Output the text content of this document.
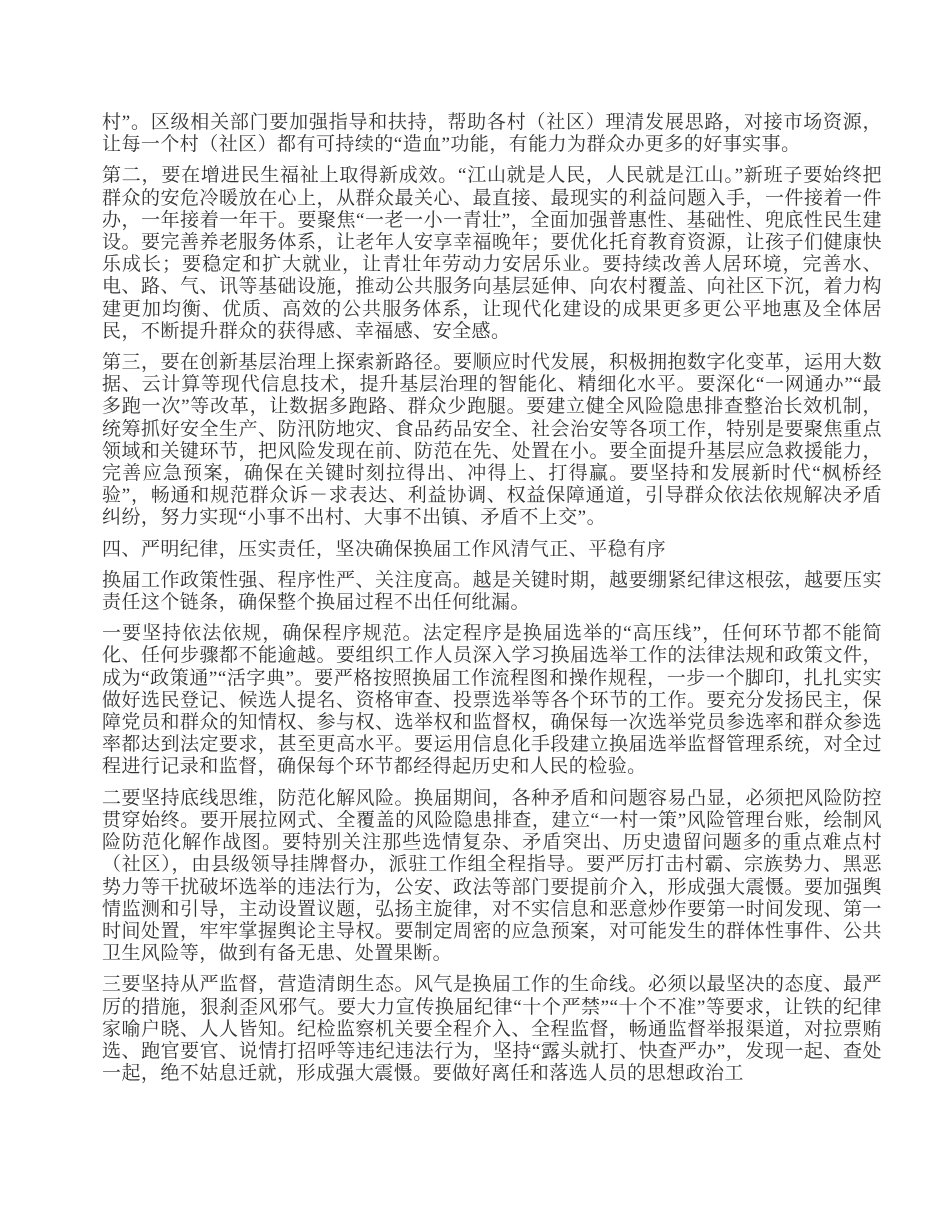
村”。区级相关部门要加强指导和扶持，帮助各村（社区）理清发展思路，对接市场资源，让每一个村（社区）都有可持续的“造血”功能，有能力为群众办更多的好事实事。

第二，要在增进民生福祉上取得新成效。“江山就是人民，人民就是江山。”新班子要始终把群众的安危冷暖放在心上，从群众最关心、最直接、最现实的利益问题入手，一件接着一件办，一年接着一年干。要聚焦“一老一小一青壮”，全面加强普惠性、基础性、兜底性民生建设。要完善养老服务体系，让老年人安享幸福晚年；要优化托育教育资源，让孩子们健康快乐成长；要稳定和扩大就业，让青壮年劳动力安居乐业。要持续改善人居环境，完善水、电、路、气、讯等基础设施，推动公共服务向基层延伸、向农村覆盖、向社区下沉，着力构建更加均衡、优质、高效的公共服务体系，让现代化建设的成果更多更公平地惠及全体居民，不断提升群众的获得感、幸福感、安全感。

第三，要在创新基层治理上探索新路径。要顺应时代发展，积极拥抱数字化变革，运用大数据、云计算等现代信息技术，提升基层治理的智能化、精细化水平。要深化“一网通办”“最多跑一次”等改革，让数据多跑路、群众少跑腿。要建立健全风险隐患排查整治长效机制，统筹抓好安全生产、防汛防地灾、食品药品安全、社会治安等各项工作，特别是要聚焦重点领域和关键环节，把风险发现在前、防范在先、处置在小。要全面提升基层应急救援能力，完善应急预案，确保在关键时刻拉得出、冲得上、打得赢。要坚持和发展新时代“枫桥经验”，畅通和规范群众诉－求表达、利益协调、权益保障通道，引导群众依法依规解决矛盾纠纷，努力实现“小事不出村、大事不出镇、矛盾不上交”。

四、严明纪律，压实责任，坚决确保换届工作风清气正、平稳有序

换届工作政策性强、程序性严、关注度高。越是关键时期，越要绷紧纪律这根弦，越要压实责任这个链条，确保整个换届过程不出任何纰漏。

一要坚持依法依规，确保程序规范。法定程序是换届选举的“高压线”，任何环节都不能简化、任何步骤都不能逾越。要组织工作人员深入学习换届选举工作的法律法规和政策文件，成为“政策通”“活字典”。要严格按照换届工作流程图和操作规程，一步一个脚印，扎扎实实做好选民登记、候选人提名、资格审查、投票选举等各个环节的工作。要充分发扬民主，保障党员和群众的知情权、参与权、选举权和监督权，确保每一次选举党员参选率和群众参选率都达到法定要求，甚至更高水平。要运用信息化手段建立换届选举监督管理系统，对全过程进行记录和监督，确保每个环节都经得起历史和人民的检验。

二要坚持底线思维，防范化解风险。换届期间，各种矛盾和问题容易凸显，必须把风险防控贯穿始终。要开展拉网式、全覆盖的风险隐患排查，建立“一村一策”风险管理台账，绘制风险防范化解作战图。要特别关注那些选情复杂、矛盾突出、历史遗留问题多的重点难点村（社区），由县级领导挂牌督办，派驻工作组全程指导。要严厉打击村霸、宗族势力、黑恶势力等干扰破坏选举的违法行为，公安、政法等部门要提前介入，形成强大震慑。要加强舆情监测和引导，主动设置议题，弘扬主旋律，对不实信息和恶意炒作要第一时间发现、第一时间处置，牢牢掌握舆论主导权。要制定周密的应急预案，对可能发生的群体性事件、公共卫生风险等，做到有备无患、处置果断。

三要坚持从严监督，营造清朗生态。风气是换届工作的生命线。必须以最坚决的态度、最严厉的措施，狠刹歪风邪气。要大力宣传换届纪律“十个严禁”“十个不准”等要求，让铁的纪律家喻户晓、人人皆知。纪检监察机关要全程介入、全程监督，畅通监督举报渠道，对拉票贿选、跑官要官、说情打招呼等违纪违法行为，坚持“露头就打、快查严办”，发现一起、查处一起，绝不姑息迁就，形成强大震慑。要做好离任和落选人员的思想政治工
